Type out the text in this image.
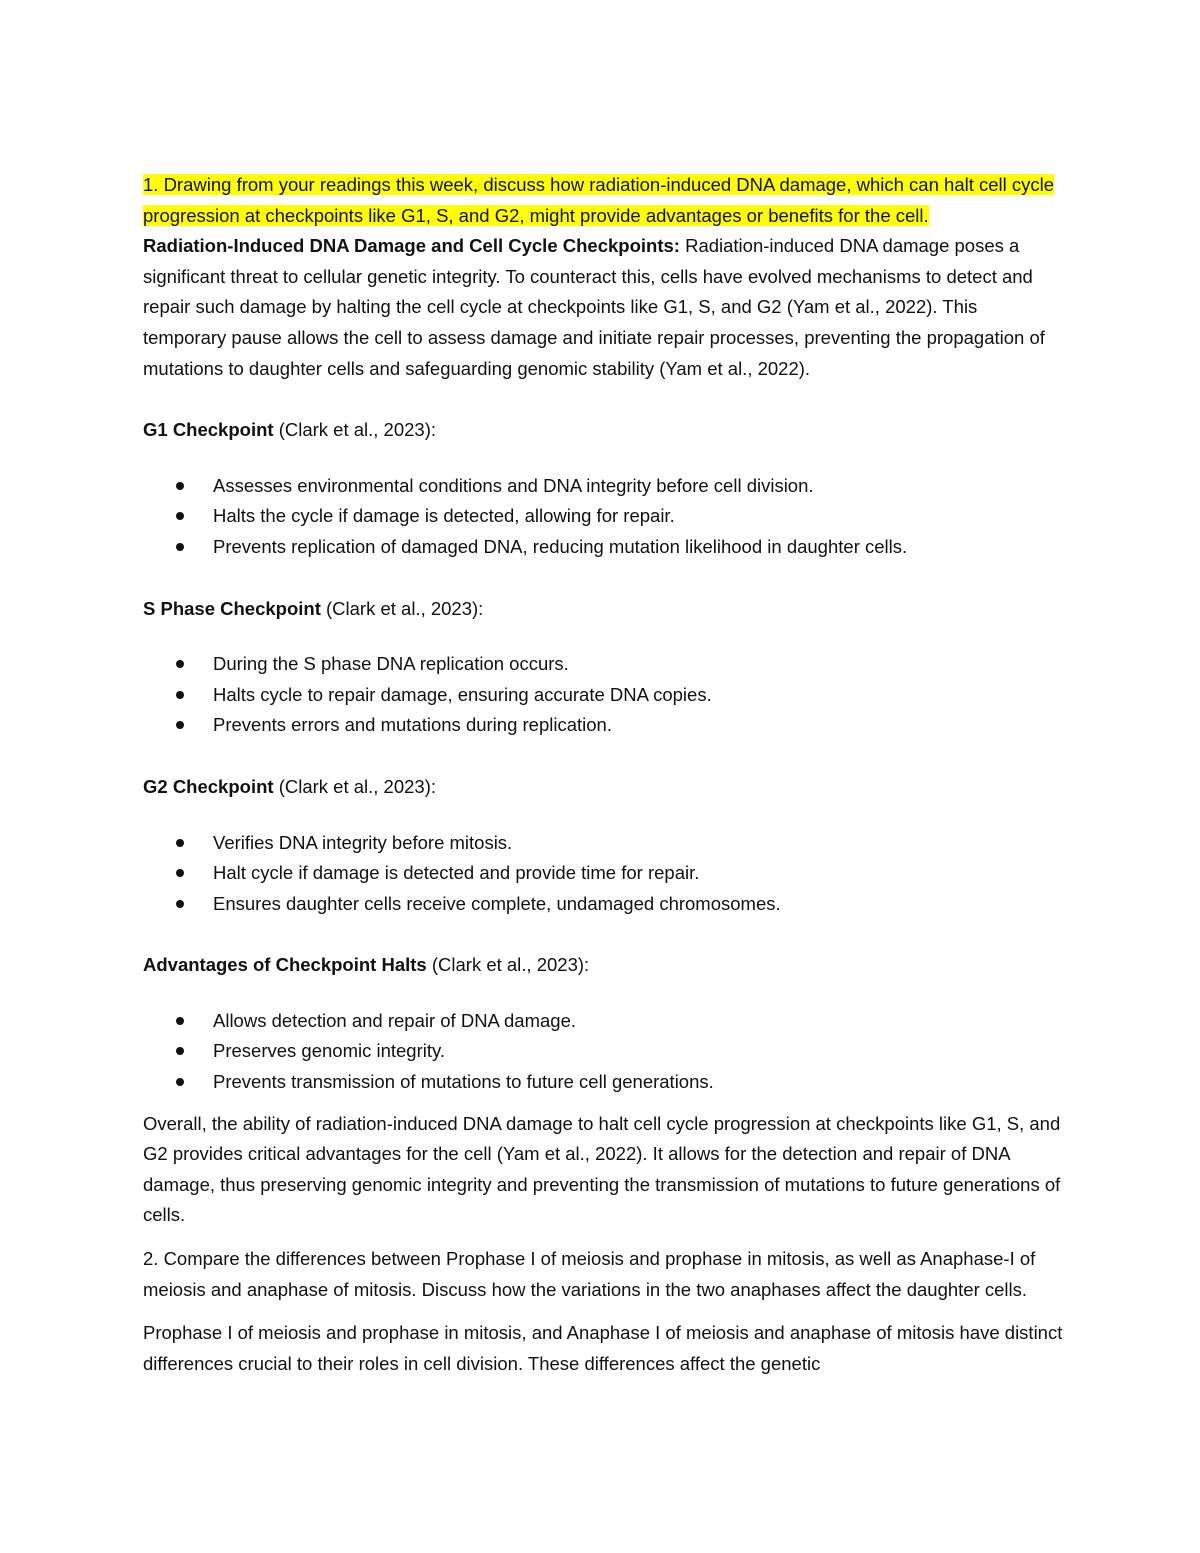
1. Drawing from your readings this week, discuss how radiation-induced DNA damage, which can halt cell cycle progression at checkpoints like G1, S, and G2, might provide advantages or benefits for the cell.

Radiation-Induced DNA Damage and Cell Cycle Checkpoints: Radiation-induced DNA damage poses a significant threat to cellular genetic integrity. To counteract this, cells have evolved mechanisms to detect and repair such damage by halting the cell cycle at checkpoints like G1, S, and G2 (Yam et al., 2022). This temporary pause allows the cell to assess damage and initiate repair processes, preventing the propagation of mutations to daughter cells and safeguarding genomic stability (Yam et al., 2022).

G1 Checkpoint (Clark et al., 2023):

Assesses environmental conditions and DNA integrity before cell division.
Halts the cycle if damage is detected, allowing for repair.
Prevents replication of damaged DNA, reducing mutation likelihood in daughter cells.

S Phase Checkpoint (Clark et al., 2023):

During the S phase DNA replication occurs.
Halts cycle to repair damage, ensuring accurate DNA copies.
Prevents errors and mutations during replication.

G2 Checkpoint (Clark et al., 2023):

Verifies DNA integrity before mitosis.
Halt cycle if damage is detected and provide time for repair.
Ensures daughter cells receive complete, undamaged chromosomes.

Advantages of Checkpoint Halts (Clark et al., 2023):

Allows detection and repair of DNA damage.
Preserves genomic integrity.
Prevents transmission of mutations to future cell generations.

Overall, the ability of radiation-induced DNA damage to halt cell cycle progression at checkpoints like G1, S, and G2 provides critical advantages for the cell (Yam et al., 2022). It allows for the detection and repair of DNA damage, thus preserving genomic integrity and preventing the transmission of mutations to future generations of cells.

2. Compare the differences between Prophase I of meiosis and prophase in mitosis, as well as Anaphase-I of meiosis and anaphase of mitosis. Discuss how the variations in the two anaphases affect the daughter cells.

Prophase I of meiosis and prophase in mitosis, and Anaphase I of meiosis and anaphase of mitosis have distinct differences crucial to their roles in cell division. These differences affect the genetic
